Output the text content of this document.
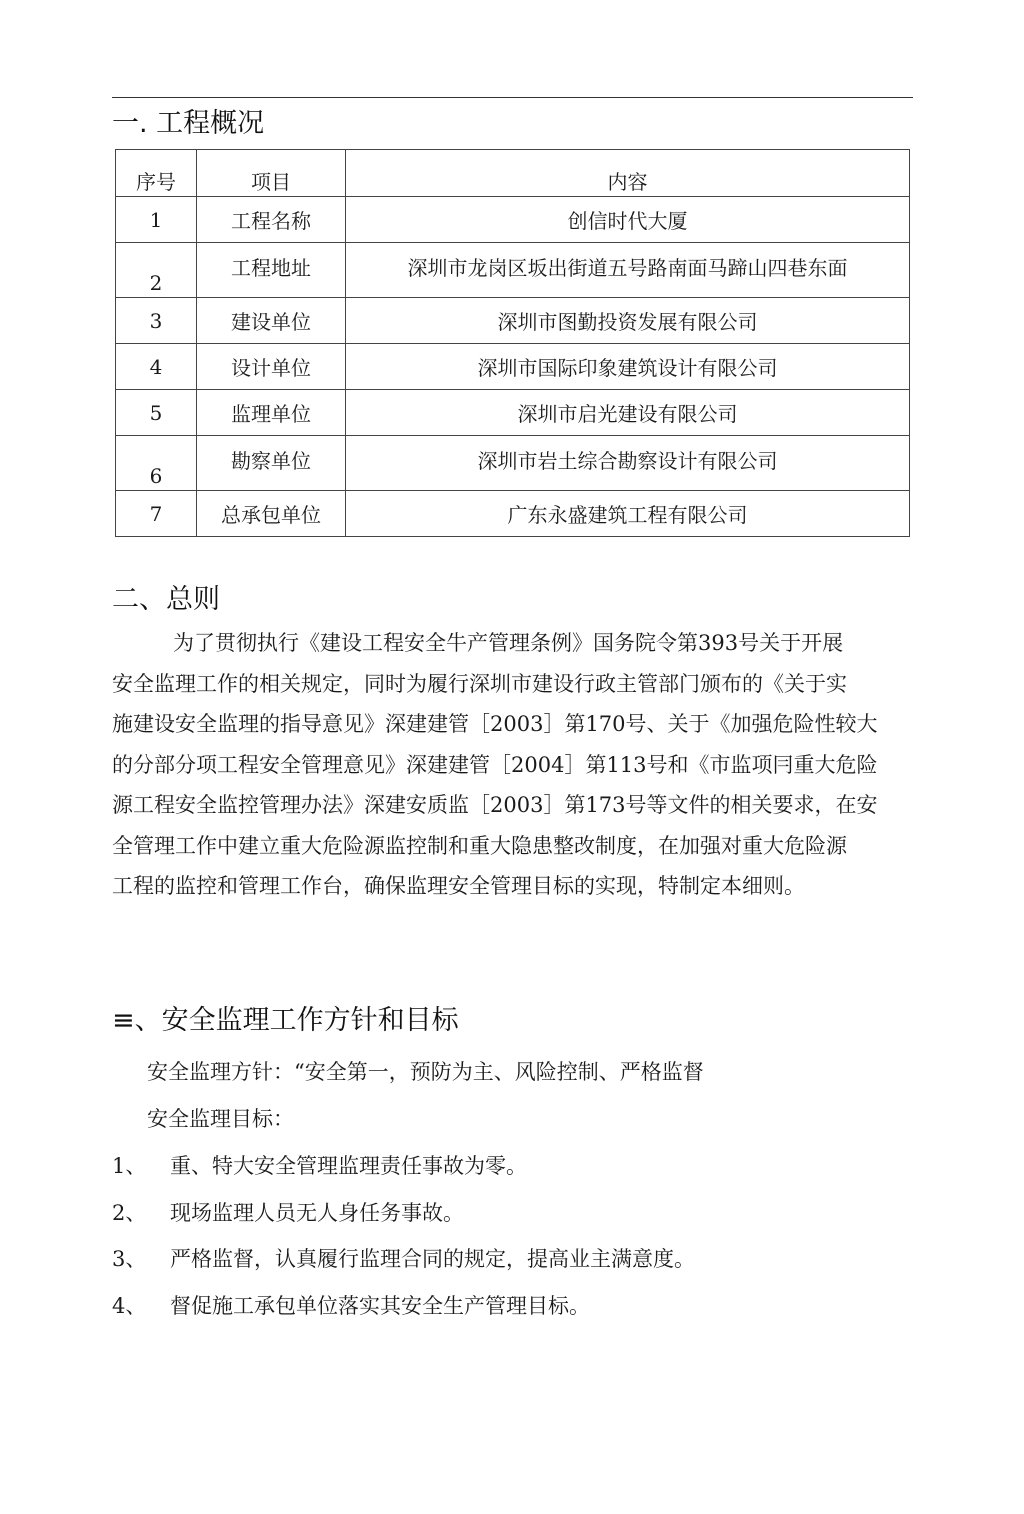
一. 工程概况
序号	项目	内容
1	工程名称	创信时代大厦
2	工程地址	深圳市龙岗区坂出街道五号路南面马蹄山四巷东面
3	建设单位	深圳市图勤投资发展有限公司
4	设计单位	深圳市国际印象建筑设计有限公司
5	监理单位	深圳市启光建设有限公司
6	勘察单位	深圳市岩土综合勘察设计有限公司
7	总承包单位	广东永盛建筑工程有限公司
二、总则
为了贯彻执行《建设工程安全牛产管理条例》国务院令第393号关于开展
安全监理工作的相关规定，同时为履行深圳市建设行政主管部门颁布的《关于实
施建设安全监理的指导意见》深建建管［2003］第170号、关于《加强危险性较大
的分部分项工程安全管理意见》深建建管［2004］第113号和《市监项冃重大危险
源工程安全监控管理办法》深建安质监［2003］第173号等文件的相关要求，在安
全管理工作中建立重大危险源监控制和重大隐患整改制度，在加强对重大危险源
工程的监控和管理工作台，确保监理安全管理目标的实现，特制定本细则。
≡、安全监理工作方针和目标
安全监理方针：“安全第一，预防为主、风险控制、严格监督
安全监理目标：
1、 重、特大安全管理监理责任事故为零。
2、 现场监理人员无人身任务事故。
3、 严格监督，认真履行监理合同的规定，提高业主满意度。
4、 督促施工承包单位落实其安全生产管理目标。
